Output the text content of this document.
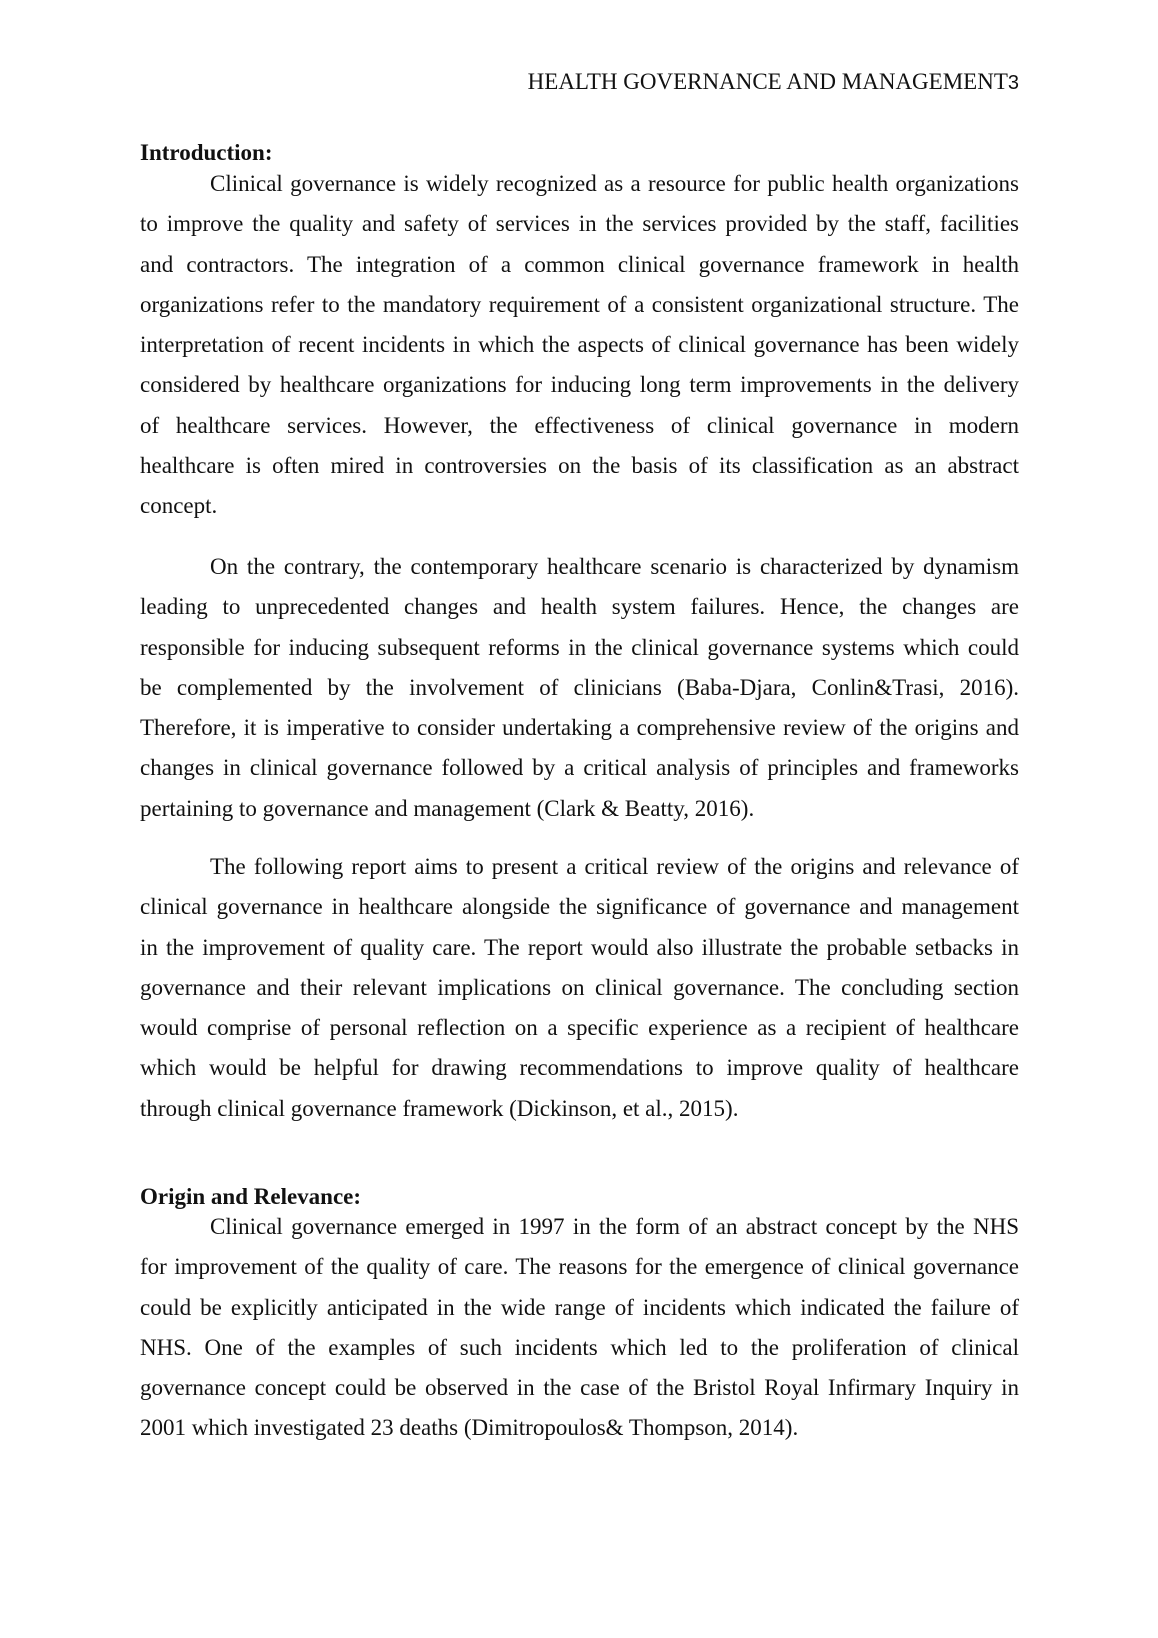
HEALTH GOVERNANCE AND MANAGEMENT3
Introduction:
Clinical governance is widely recognized as a resource for public health organizations
to improve the quality and safety of services in the services provided by the staff, facilities
and contractors. The integration of a common clinical governance framework in health
organizations refer to the mandatory requirement of a consistent organizational structure. The
interpretation of recent incidents in which the aspects of clinical governance has been widely
considered by healthcare organizations for inducing long term improvements in the delivery
of healthcare services. However, the effectiveness of clinical governance in modern
healthcare is often mired in controversies on the basis of its classification as an abstract
concept.
On the contrary, the contemporary healthcare scenario is characterized by dynamism
leading to unprecedented changes and health system failures. Hence, the changes are
responsible for inducing subsequent reforms in the clinical governance systems which could
be complemented by the involvement of clinicians (Baba-Djara, Conlin&Trasi, 2016).
Therefore, it is imperative to consider undertaking a comprehensive review of the origins and
changes in clinical governance followed by a critical analysis of principles and frameworks
pertaining to governance and management (Clark & Beatty, 2016).
The following report aims to present a critical review of the origins and relevance of
clinical governance in healthcare alongside the significance of governance and management
in the improvement of quality care. The report would also illustrate the probable setbacks in
governance and their relevant implications on clinical governance. The concluding section
would comprise of personal reflection on a specific experience as a recipient of healthcare
which would be helpful for drawing recommendations to improve quality of healthcare
through clinical governance framework (Dickinson, et al., 2015).
Origin and Relevance:
Clinical governance emerged in 1997 in the form of an abstract concept by the NHS
for improvement of the quality of care. The reasons for the emergence of clinical governance
could be explicitly anticipated in the wide range of incidents which indicated the failure of
NHS. One of the examples of such incidents which led to the proliferation of clinical
governance concept could be observed in the case of the Bristol Royal Infirmary Inquiry in
2001 which investigated 23 deaths (Dimitropoulos& Thompson, 2014).
